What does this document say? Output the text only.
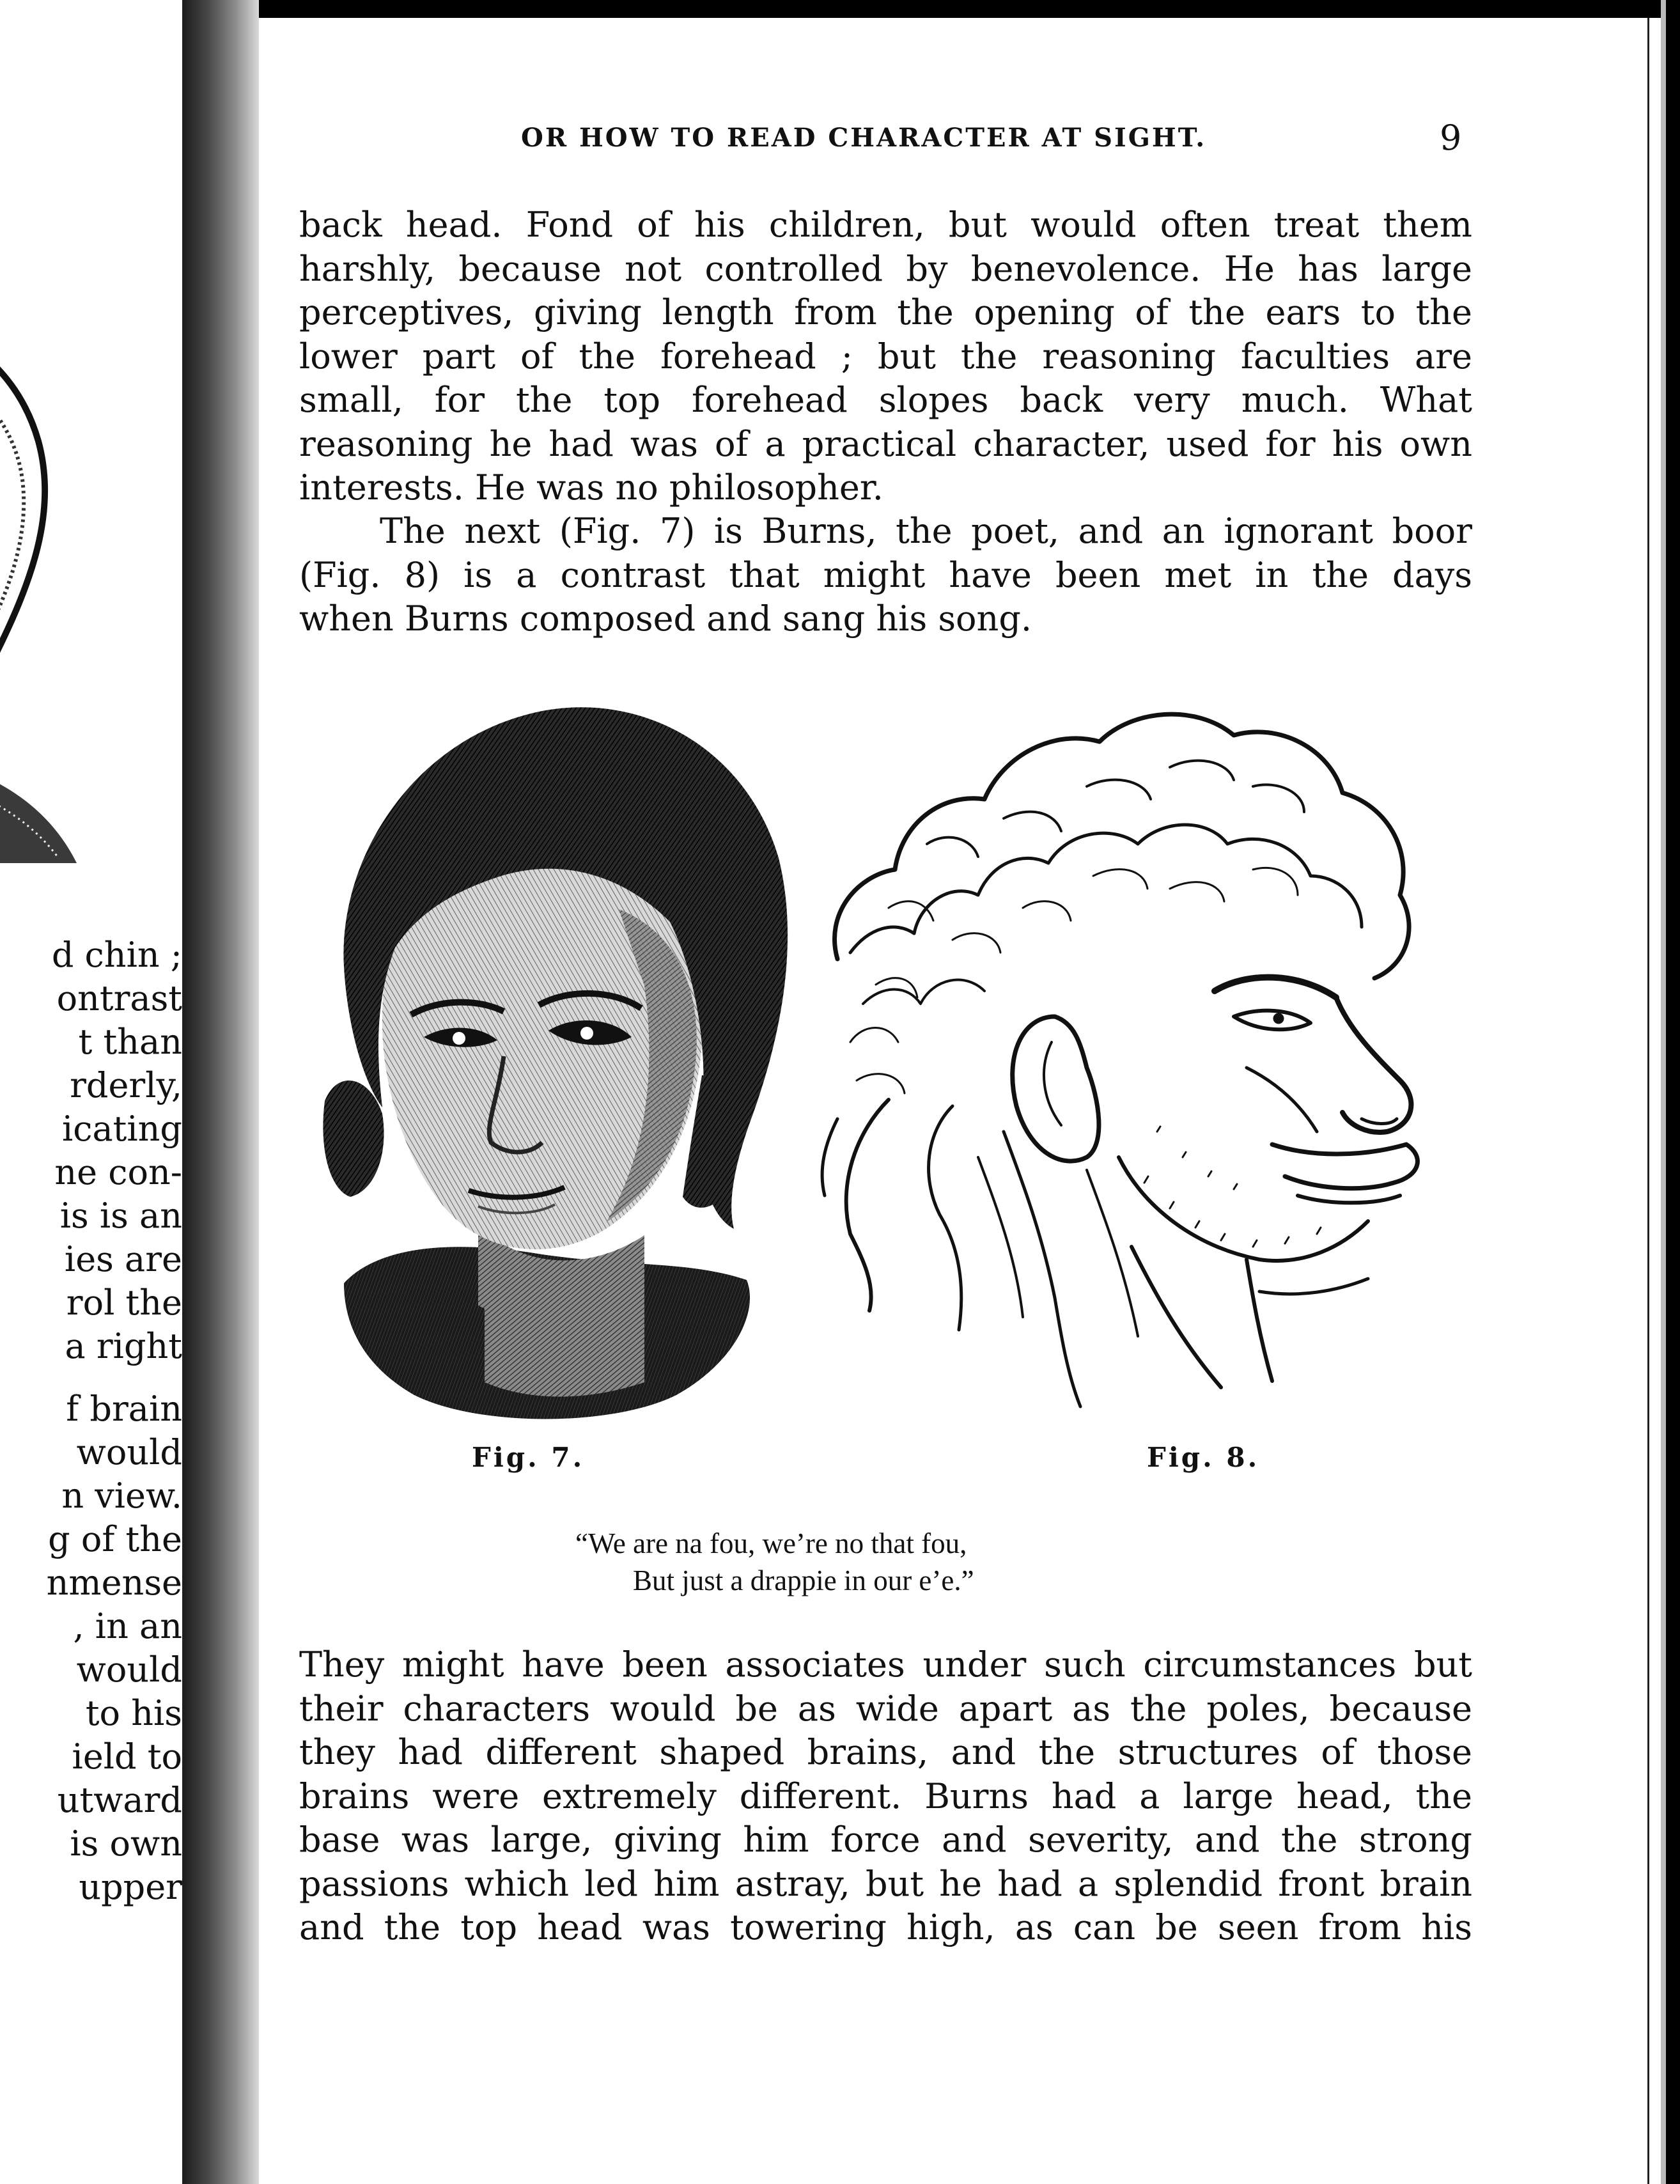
d chin ;
ontrast
t than
rderly,
icating
ne con-
is is an
ies are
rol the
a right
f brain
would
n view.
g of the
nmense
, in an
would
to his
ield to
utward
is own
upper
OR HOW TO READ CHARACTER AT SIGHT.	9
back head. Fond of his children, but would often treat them
harshly, because not controlled by benevolence. He has large
perceptives, giving length from the opening of the ears to the
lower part of the forehead ; but the reasoning faculties are
small, for the top forehead slopes back very much. What
reasoning he had was of a practical character, used for his own
interests. He was no philosopher.
The next (Fig. 7) is Burns, the poet, and an ignorant boor
(Fig. 8) is a contrast that might have been met in the days
when Burns composed and sang his song.
Fig. 7.	Fig. 8.
“We are na fou, we’re no that fou,
But just a drappie in our e’e.”
They might have been associates under such circumstances but
their characters would be as wide apart as the poles, because
they had different shaped brains, and the structures of those
brains were extremely different. Burns had a large head, the
base was large, giving him force and severity, and the strong
passions which led him astray, but he had a splendid front brain
and the top head was towering high, as can be seen from his
